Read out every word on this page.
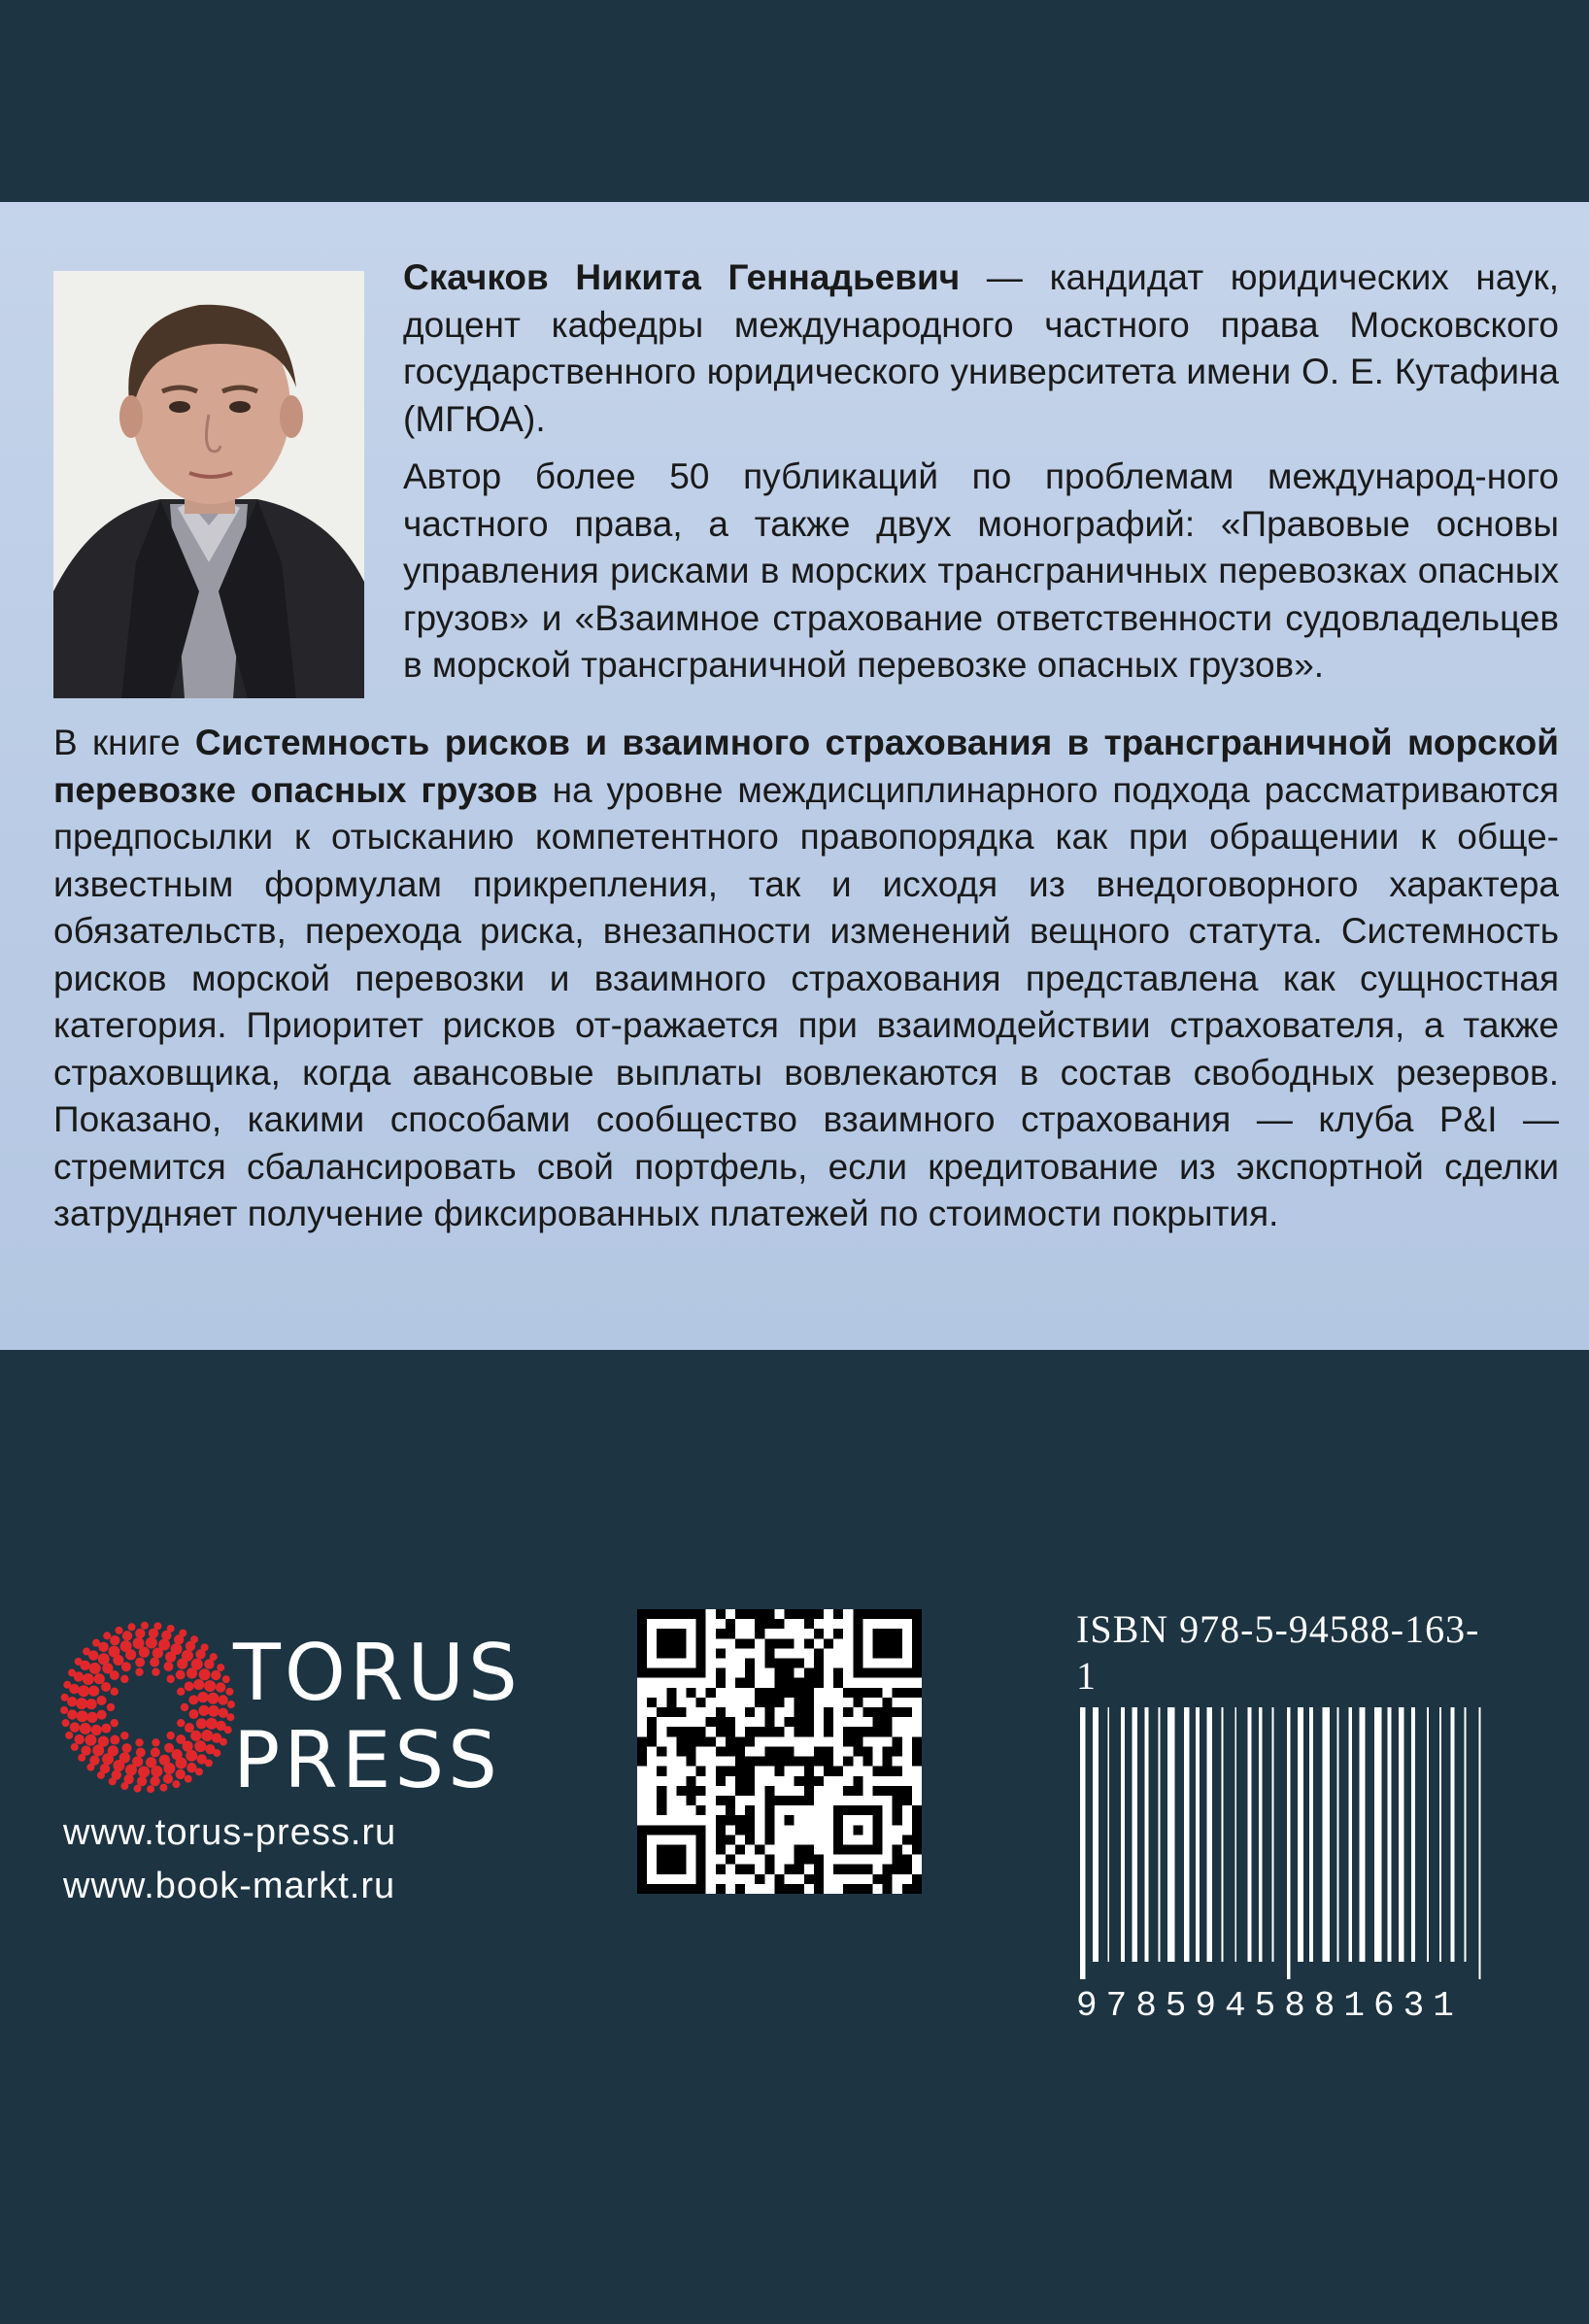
Скачков Никита Геннадьевич — кандидат юридических наук, доцент кафедры международного частного права Московского государственного юридического университета имени О. Е. Кутафина (МГЮА).

Автор более 50 публикаций по проблемам международ-ного частного права, а также двух монографий: «Правовые основы управления рисками в морских трансграничных перевозках опасных грузов» и «Взаимное страхование ответственности судовладельцев в морской трансграничной перевозке опасных грузов».

В книге Системность рисков и взаимного страхования в трансграничной морской перевозке опасных грузов на уровне междисциплинарного подхода рассматриваются предпосылки к отысканию компетентного правопорядка как при обращении к обще-известным формулам прикрепления, так и исходя из внедоговорного характера обязательств, перехода риска, внезапности изменений вещного статута. Системность рисков морской перевозки и взаимного страхования представлена как сущностная категория. Приоритет рисков от-ражается при взаимодействии страхователя, а также страховщика, когда авансовые выплаты вовлекаются в состав свободных резервов. Показано, какими способами сообщество взаимного страхования — клуба P&I — стремится сбалансировать свой портфель, если кредитование из экспортной сделки затрудняет получение фиксированных платежей по стоимости покрытия.

TORUS
PRESS
www.torus-press.ru
www.book-markt.ru
ISBN 978-5-94588-163-1
9785945881631
